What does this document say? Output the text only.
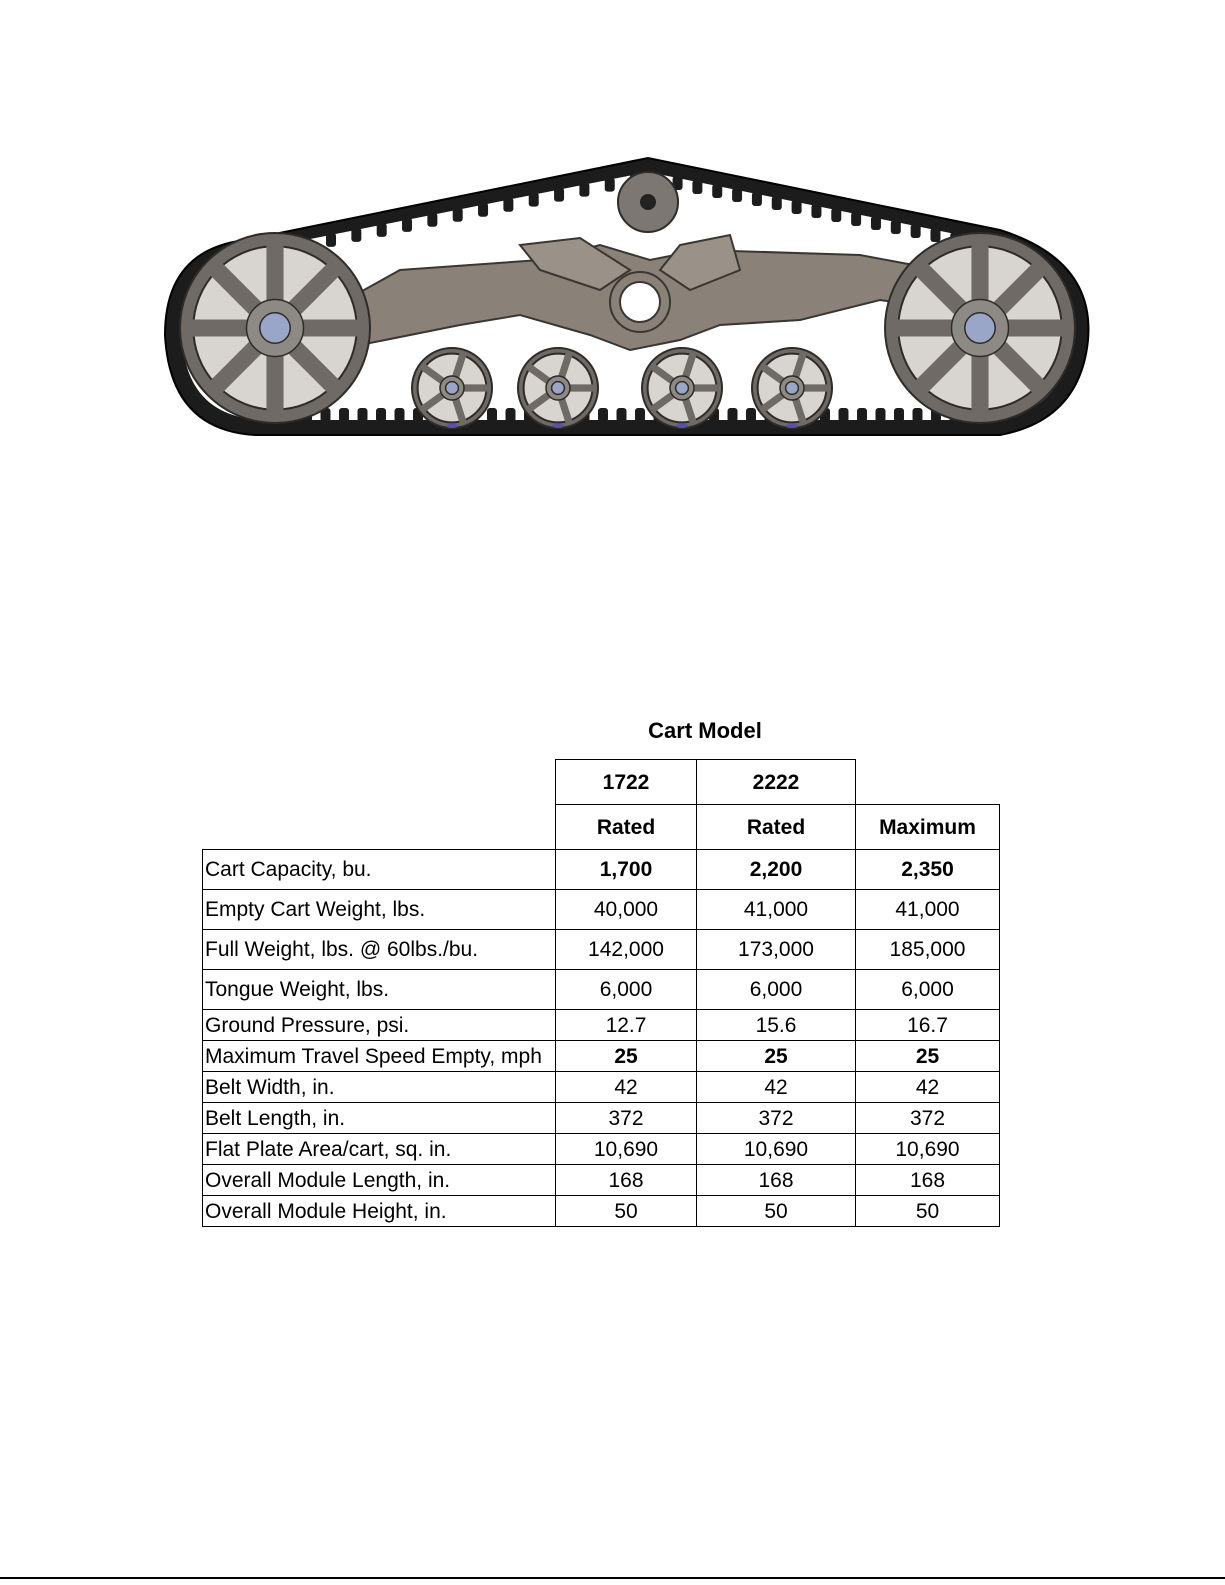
Cart Model
	1722	2222	
	Rated	Rated	Maximum
Cart Capacity, bu.	1,700	2,200	2,350
Empty Cart Weight, lbs.	40,000	41,000	41,000
Full Weight, lbs. @ 60lbs./bu.	142,000	173,000	185,000
Tongue Weight, lbs.	6,000	6,000	6,000
Ground Pressure, psi.	12.7	15.6	16.7
Maximum Travel Speed Empty, mph	25	25	25
Belt Width, in.	42	42	42
Belt Length, in.	372	372	372
Flat Plate Area/cart, sq. in.	10,690	10,690	10,690
Overall Module Length, in.	168	168	168
Overall Module Height, in.	50	50	50
